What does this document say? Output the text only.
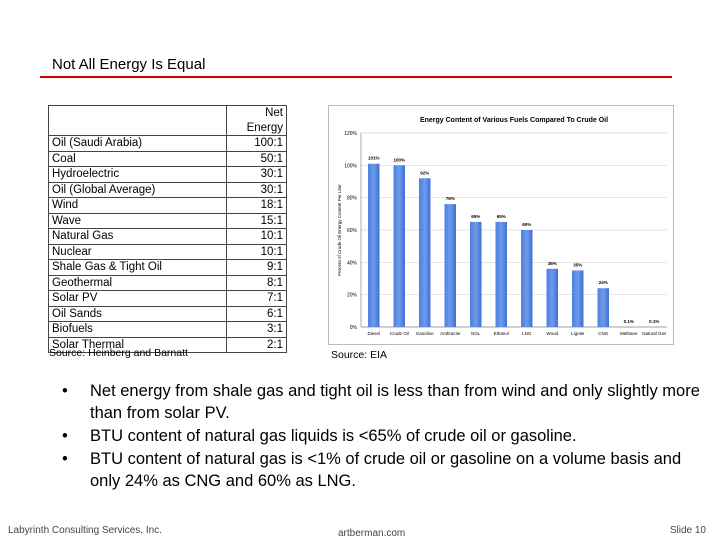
Not All Energy Is Equal
	Net Energy
Oil (Saudi Arabia)	100:1
Coal	50:1
Hydroelectric	30:1
Oil (Global Average)	30:1
Wind	18:1
Wave	15:1
Natural Gas	10:1
Nuclear	10:1
Shale Gas & Tight Oil	9:1
Geothermal	8:1
Solar PV	7:1
Oil Sands	6:1
Biofuels	3:1
Solar Thermal	2:1
Source: Heinberg and Barnatt
Energy Content of Various Fuels Compared To Crude Oil
0%
20%
40%
60%
80%
100%
120%
Percent of Crude Oil Energy Content Per Liter
101%
Diesel
100%
Crude Oil
92%
Gasoline
76%
Anthracite
65%
NGL
65%
Ethanol
60%
LNG
36%
Wood
35%
Lignite
24%
CNG
0.1%
Methane
0.1%
Natural Gas
Source: EIA
• Net energy from shale gas and tight oil is less than from wind and only slightly more than from solar PV.
• BTU content of natural gas liquids is <65% of crude oil or gasoline.
• BTU content of natural gas is <1% of crude oil or gasoline on a volume basis and only 24% as CNG and 60% as LNG.
Labyrinth Consulting Services, Inc.	artberman.com	Slide 10
